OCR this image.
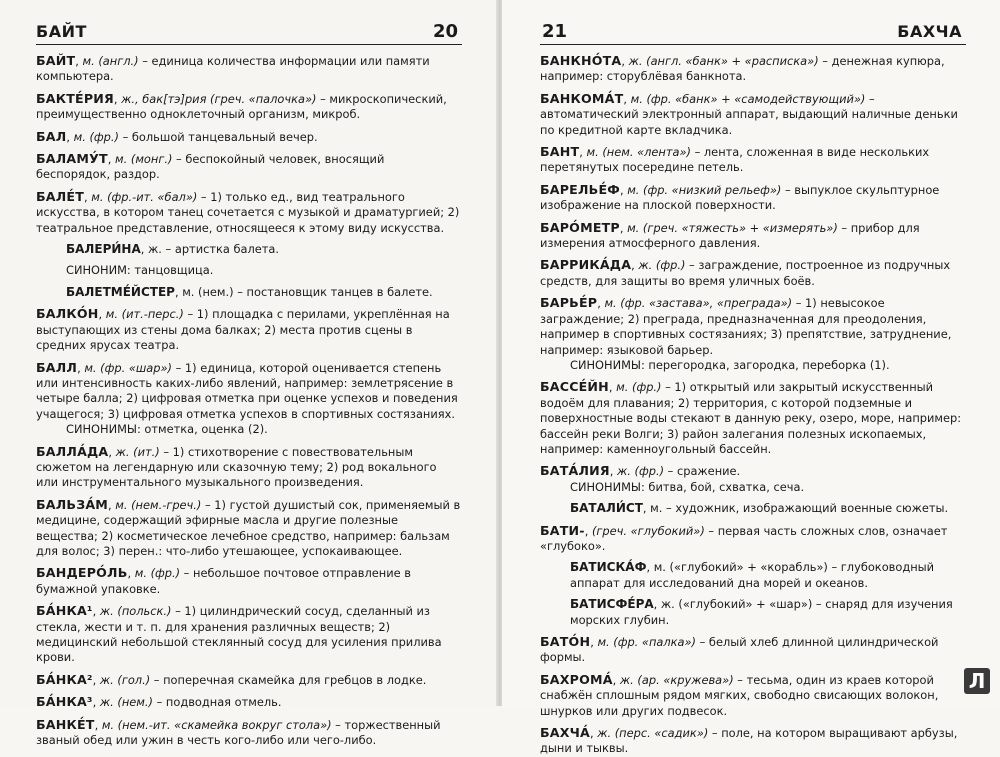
БАЙТ	20
БАЙТ, м. (англ.) – единица количества информации или памяти компьютера.
БАКТЕ́РИЯ, ж., бак[тэ]рия (греч. «палочка») – микроскопический, преимущественно одноклеточный организм, микроб.
БАЛ, м. (фр.) – большой танцевальный вечер.
БАЛАМУ́Т, м. (монг.) – беспокойный человек, вносящий беспорядок, раздор.
БАЛЕ́Т, м. (фр.-ит. «бал») – 1) только ед., вид театрального искусства, в котором танец сочетается с музыкой и драматургией; 2) театральное представление, относящееся к этому виду искусства.
БАЛЕРИ́НА, ж. – артистка балета.
СИНОНИМ: танцовщица.
БАЛЕТМЕ́ЙСТЕР, м. (нем.) – постановщик танцев в балете.
БАЛКО́Н, м. (ит.-перс.) – 1) площадка с перилами, укреплённая на выступающих из стены дома балках; 2) места против сцены в средних ярусах театра.
БАЛЛ, м. (фр. «шар») – 1) единица, которой оценивается степень или интенсивность каких-либо явлений, например: землетрясение в четыре балла; 2) цифровая отметка при оценке успехов и поведения учащегося; 3) цифровая отметка успехов в спортивных состязаниях.
СИНОНИМЫ: отметка, оценка (2).
БАЛЛА́ДА, ж. (ит.) – 1) стихотворение с повествовательным сюжетом на легендарную или сказочную тему; 2) род вокального или инструментального музыкального произведения.
БАЛЬЗА́М, м. (нем.-греч.) – 1) густой душистый сок, применяемый в медицине, содержащий эфирные масла и другие полезные вещества; 2) косметическое лечебное средство, например: бальзам для волос; 3) перен.: что-либо утешающее, успокаивающее.
БАНДЕРО́ЛЬ, м. (фр.) – небольшое почтовое отправление в бумажной упаковке.
БА́НКА¹, ж. (польск.) – 1) цилиндрический сосуд, сделанный из стекла, жести и т. п. для хранения различных веществ; 2) медицинский небольшой стеклянный сосуд для усиления прилива крови.
БА́НКА², ж. (гол.) – поперечная скамейка для гребцов в лодке.
БА́НКА³, ж. (нем.) – подводная отмель.
БАНКЕ́Т, м. (нем.-ит. «скамейка вокруг стола») – торжественный званый обед или ужин в честь кого-либо или чего-либо.
21	БАХЧА
БАНКНО́ТА, ж. (англ. «банк» + «расписка») – денежная купюра, например: сторублёвая банкнота.
БАНКОМА́Т, м. (фр. «банк» + «самодействующий») – автоматический электронный аппарат, выдающий наличные деньки по кредитной карте вкладчика.
БАНТ, м. (нем. «лента») – лента, сложенная в виде нескольких перетянутых посередине петель.
БАРЕЛЬЕ́Ф, м. (фр. «низкий рельеф») – выпуклое скульптурное изображение на плоской поверхности.
БАРО́МЕТР, м. (греч. «тяжесть» + «измерять») – прибор для измерения атмосферного давления.
БАРРИКА́ДА, ж. (фр.) – заграждение, построенное из подручных средств, для защиты во время уличных боёв.
БАРЬЕ́Р, м. (фр. «застава», «преграда») – 1) невысокое заграждение; 2) преграда, предназначенная для преодоления, например в спортивных состязаниях; 3) препятствие, затруднение, например: языковой барьер.
СИНОНИМЫ: перегородка, загородка, переборка (1).
БАССЕ́ЙН, м. (фр.) – 1) открытый или закрытый искусственный водоём для плавания; 2) территория, с которой подземные и поверхностные воды стекают в данную реку, озеро, море, например: бассейн реки Волги; 3) район залегания полезных ископаемых, например: каменноугольный бассейн.
БАТА́ЛИЯ, ж. (фр.) – сражение.
СИНОНИМЫ: битва, бой, схватка, сеча.
БАТАЛИ́СТ, м. – художник, изображающий военные сюжеты.
БАТИ-, (греч. «глубокий») – первая часть сложных слов, означает «глубоко».
БАТИСКА́Ф, м. («глубокий» + «корабль») – глубоководный аппарат для исследований дна морей и океанов.
БАТИСФЕ́РА, ж. («глубокий» + «шар») – снаряд для изучения морских глубин.
БАТО́Н, м. (фр. «палка») – белый хлеб длинной цилиндрической формы.
БАХРОМА́, ж. (ар. «кружева») – тесьма, один из краев которой снабжён сплошным рядом мягких, свободно свисающих волокон, шнурков или других подвесок.
БАХЧА́, ж. (перс. «садик») – поле, на котором выращивают арбузы, дыни и тыквы.
Л
